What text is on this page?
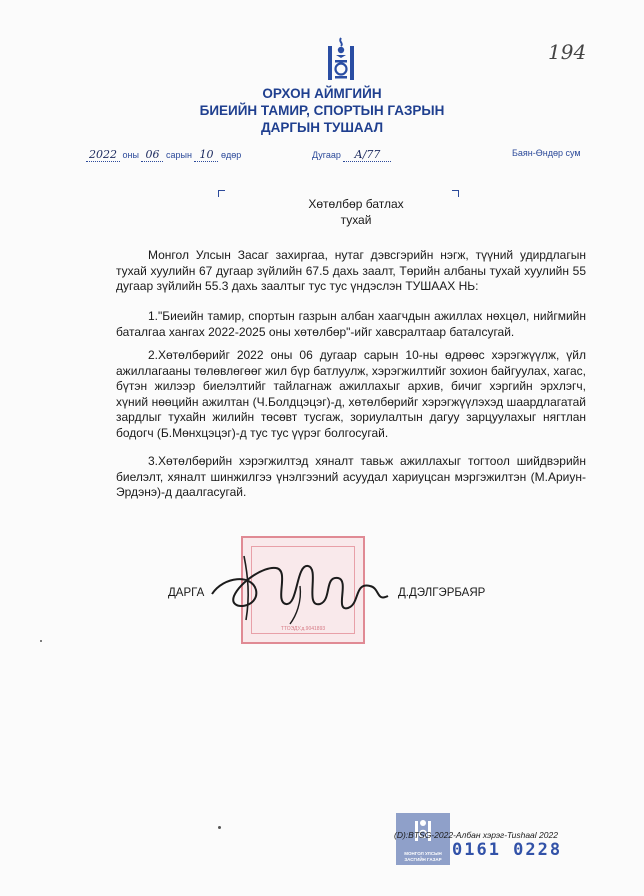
194
ОРХОН АЙМГИЙН
БИЕИЙН ТАМИР, СПОРТЫН ГАЗРЫН
ДАРГЫН ТУШААЛ
2022 оны 06 сарын 10 өдөр	Дугаар А/77	Баян-Өндөр сум
Хөтөлбөр батлах
тухай
Монгол Улсын Засаг захиргаа, нутаг дэвсгэрийн нэгж, түүний удирдлагын тухай хуулийн 67 дугаар зүйлийн 67.5 дахь заалт, Төрийн албаны тухай хуулийн 55 дугаар зүйлийн 55.3 дахь заалтыг тус тус үндэслэн ТУШААХ НЬ:
1."Биеийн тамир, спортын газрын албан хаагчдын ажиллах нөхцөл, нийгмийн баталгаа хангах 2022-2025 оны хөтөлбөр"-ийг хавсралтаар баталсугай.
2.Хөтөлбөрийг 2022 оны 06 дугаар сарын 10-ны өдрөөс хэрэгжүүлж, үйл ажиллагааны төлөвлөгөөг жил бүр батлуулж, хэрэгжилтийг зохион байгуулах, хагас, бүтэн жилээр биелэлтийг тайлагнаж ажиллахыг архив, бичиг хэргийн эрхлэгч, хүний нөөцийн ажилтан (Ч.Болдцэцэг)-д, хөтөлбөрийг хэрэгжүүлэхэд шаардлагатай зардлыг тухайн жилийн төсөвт тусгаж, зориулалтын дагуу зарцуулахыг нягтлан бодогч (Б.Мөнхцэцэг)-д тус тус үүрэг болгосугай.
3.Хөтөлбөрийн хэрэгжилтэд хяналт тавьж ажиллахыг тогтоол шийдвэрийн биелэлт, хяналт шинжилгээ үнэлгээний асуудал хариуцсан мэргэжилтэн (М.Ариун-Эрдэнэ)-д даалгасугай.
ТТОЭДУ.д.9041893
ДАРГА	Д.ДЭЛГЭРБАЯР
МОНГОЛ УЛСЫН
ЗАСГИЙН ГАЗАР
(D):BTSG-2022-Албан хэрэг-Tushaal 2022
0161 0228
